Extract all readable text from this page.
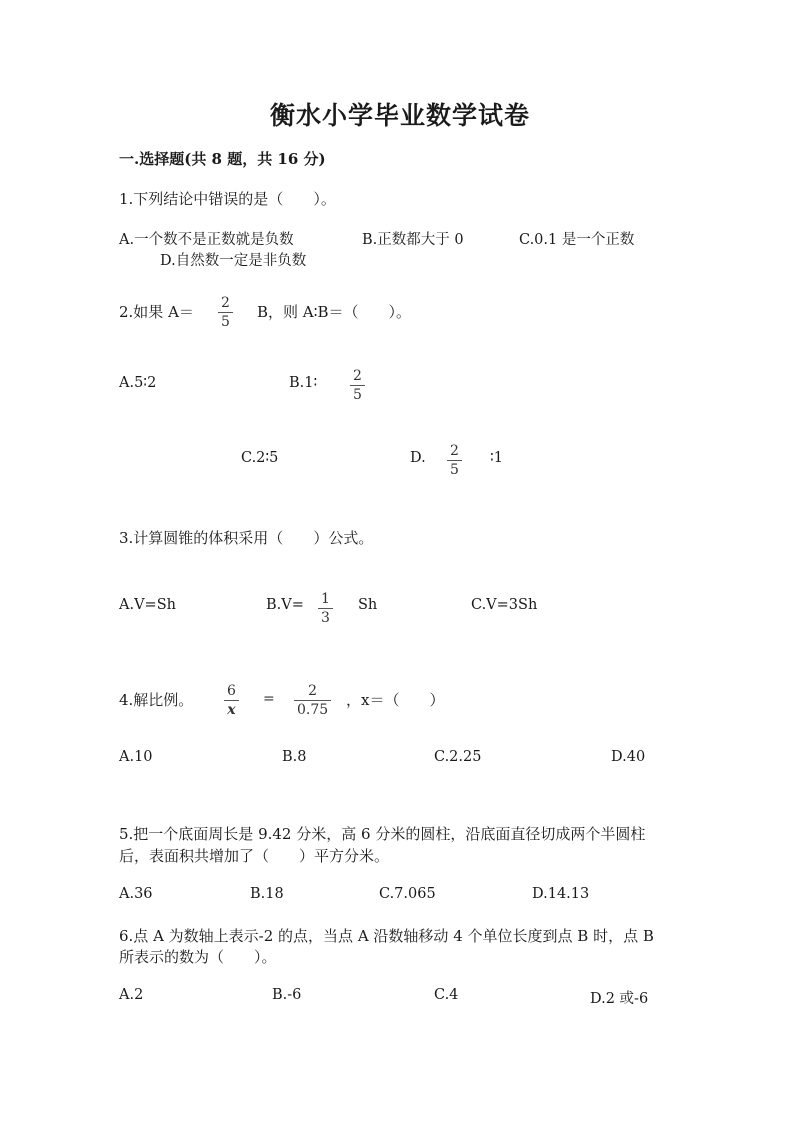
衡水小学毕业数学试卷
一.选择题(共 8 题，共 16 分)
1.下列结论中错误的是（　　）。
A.一个数不是正数就是负数	B.正数都大于 0	C.0.1 是一个正数
D.自然数一定是非负数
2.如果 $A= \frac{2}{5}$ B，则 A∶B＝（　　）。
A.5∶2	B.1∶ $\frac{2}{5}$
C.2∶5	D. $\frac{2}{5}$ ∶1
3.计算圆锥的体积采用（　　）公式。
A.V=Sh	$B.V= \frac{1}{3}$ Sh	C.V=3Sh
4.解比例。 $\frac{6}{x} = \frac{2}{0.75}$ ，x＝（　　）
A.10	B.8	C.2.25	D.40
5.把一个底面周长是 9.42 分米，高 6 分米的圆柱，沿底面直径切成两个半圆柱
后，表面积共增加了（　　）平方分米。
A.36	B.18	C.7.065	D.14.13
6.点 A 为数轴上表示-2 的点，当点 A 沿数轴移动 4 个单位长度到点 B 时，点 B
所表示的数为（　　）。
A.2	B.-6	C.4	D.2 或-6
